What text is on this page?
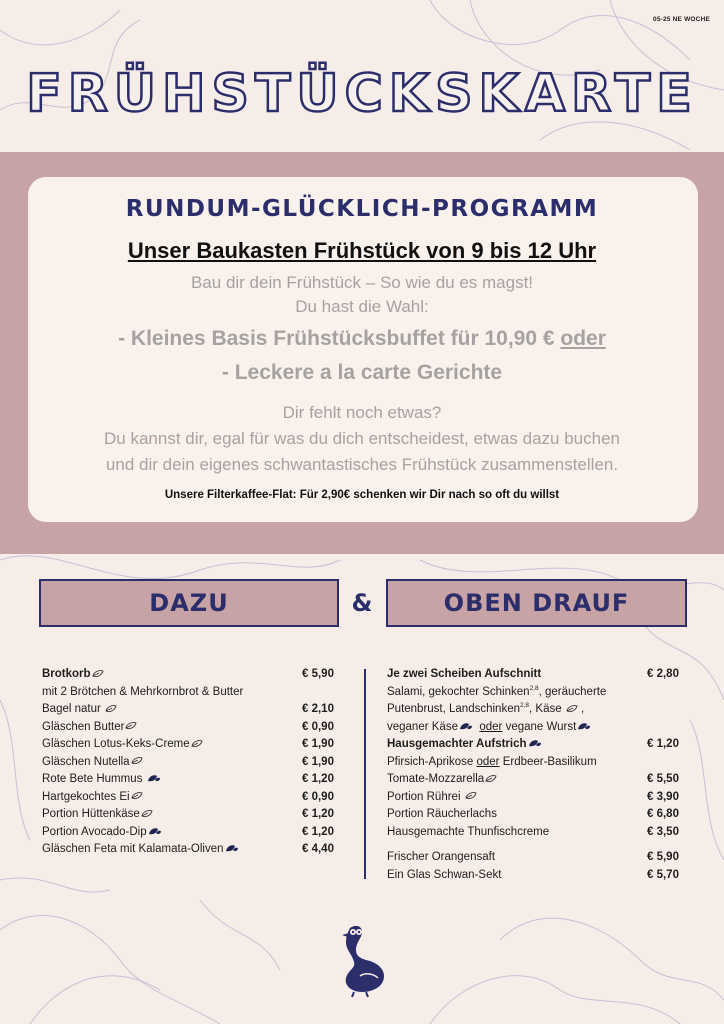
05-25 NE WOCHE
FRÜHSTÜCKSKARTE
RUNDUM-GLÜCKLICH-PROGRAMM
Unser Baukasten Frühstück von 9 bis 12 Uhr
Bau dir dein Frühstück – So wie du es magst!
Du hast die Wahl:
- Kleines Basis Frühstücksbuffet für 10,90 € oder
- Leckere a la carte Gerichte
Dir fehlt noch etwas?
Du kannst dir, egal für was du dich entscheidest, etwas dazu buchen
und dir dein eigenes schwantastisches Frühstück zusammenstellen.
Unsere Filterkaffee-Flat: Für 2,90€ schenken wir Dir nach so oft du willst
DAZU	&	OBEN DRAUF
Brotkorb	€ 5,90
mit 2 Brötchen & Mehrkornbrot & Butter
Bagel natur	€ 2,10
Gläschen Butter	€ 0,90
Gläschen Lotus-Keks-Creme	€ 1,90
Gläschen Nutella	€ 1,90
Rote Bete Hummus	€ 1,20
Hartgekochtes Ei	€ 0,90
Portion Hüttenkäse	€ 1,20
Portion Avocado-Dip	€ 1,20
Gläschen Feta mit Kalamata-Oliven	€ 4,40
Je zwei Scheiben Aufschnitt	€ 2,80
Salami, gekochter Schinken$^{2,8}$, geräucherte
Putenbrust, Landschinken$^{2,8}$, Käse
,
veganer Käse oder vegane Wurst
Hausgemachter Aufstrich	€ 1,20
Pfirsich-Aprikose oder Erdbeer-Basilikum
Tomate-Mozzarella	€ 5,50
Portion Rührei	€ 3,90
Portion Räucherlachs	€ 6,80
Hausgemachte Thunfischcreme	€ 3,50
Frischer Orangensaft	€ 5,90
Ein Glas Schwan-Sekt	€ 5,70
